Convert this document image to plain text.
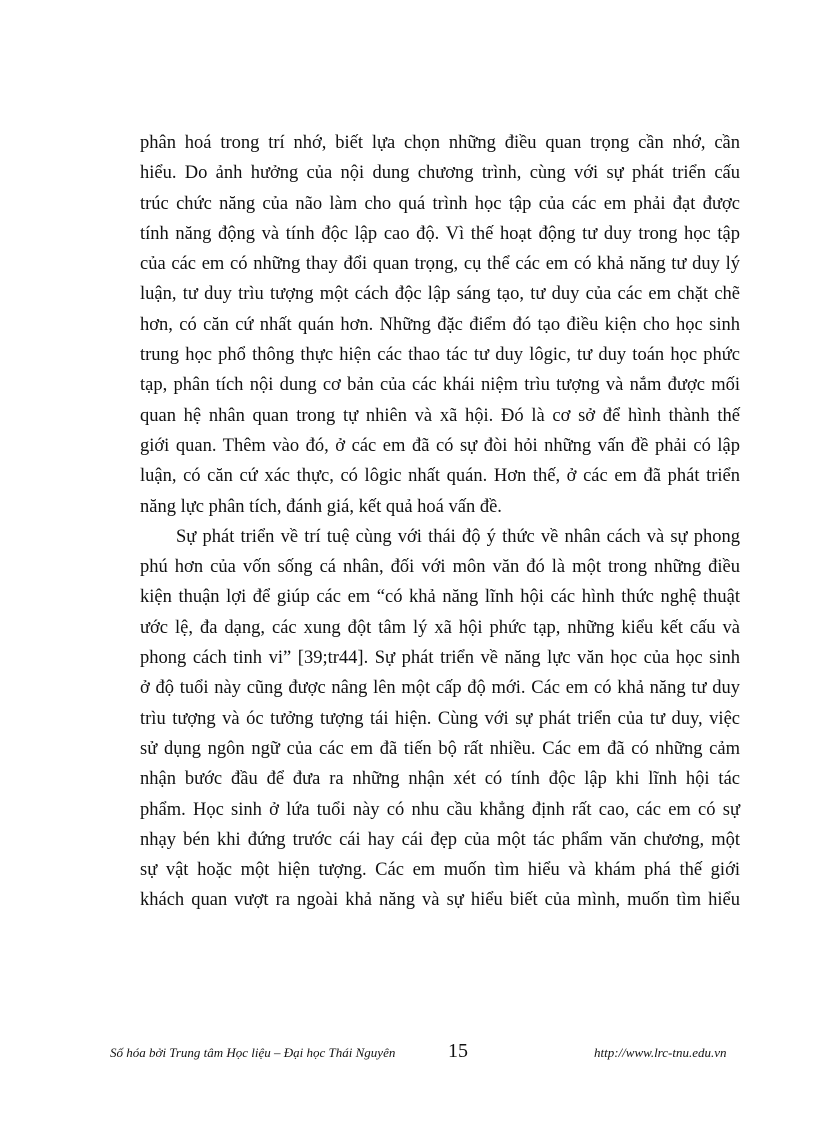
phân hoá trong trí nhớ, biết lựa chọn những điều quan trọng cần nhớ, cần
hiểu. Do ảnh hưởng của nội dung chương trình, cùng với sự phát triển cấu
trúc chức năng của não làm cho quá trình học tập của các em phải đạt được
tính năng động và tính độc lập cao độ. Vì thế hoạt động tư duy trong học tập
của các em có những thay đổi quan trọng, cụ thể các em có khả năng tư duy lý
luận, tư duy trìu tượng một cách độc lập sáng tạo, tư duy của các em chặt chẽ
hơn, có căn cứ nhất quán hơn. Những đặc điểm đó tạo điều kiện cho học sinh
trung học phổ thông thực hiện các thao tác tư duy lôgic, tư duy toán học phức
tạp, phân tích nội dung cơ bản của các khái niệm trìu tượng và nắm được mối
quan hệ nhân quan trong tự nhiên và xã hội. Đó là cơ sở để hình thành thế
giới quan. Thêm vào đó, ở các em đã có sự đòi hỏi những vấn đề phải có lập
luận, có căn cứ xác thực, có lôgic nhất quán. Hơn thế, ở các em đã phát triển
năng lực phân tích, đánh giá, kết quả hoá vấn đề.
Sự phát triển về trí tuệ cùng với thái độ ý thức về nhân cách và sự phong
phú hơn của vốn sống cá nhân, đối với môn văn đó là một trong những điều
kiện thuận lợi để giúp các em “có khả năng lĩnh hội các hình thức nghệ thuật
ước lệ, đa dạng, các xung đột tâm lý xã hội phức tạp, những kiểu kết cấu và
phong cách tinh vi” [39;tr44]. Sự phát triển về năng lực văn học của học sinh
ở độ tuổi này cũng được nâng lên một cấp độ mới. Các em có khả năng tư duy
trìu tượng và óc tưởng tượng tái hiện. Cùng với sự phát triển của tư duy, việc
sử dụng ngôn ngữ của các em đã tiến bộ rất nhiều. Các em đã có những cảm
nhận bước đầu để đưa ra những nhận xét có tính độc lập khi lĩnh hội tác
phẩm. Học sinh ở lứa tuổi này có nhu cầu khẳng định rất cao, các em có sự
nhạy bén khi đứng trước cái hay cái đẹp của một tác phẩm văn chương, một
sự vật hoặc một hiện tượng. Các em muốn tìm hiểu và khám phá thế giới
khách quan vượt ra ngoài khả năng và sự hiểu biết của mình, muốn tìm hiểu
Số hóa bởi Trung tâm Học liệu – Đại học Thái Nguyên	15	http://www.lrc-tnu.edu.vn
